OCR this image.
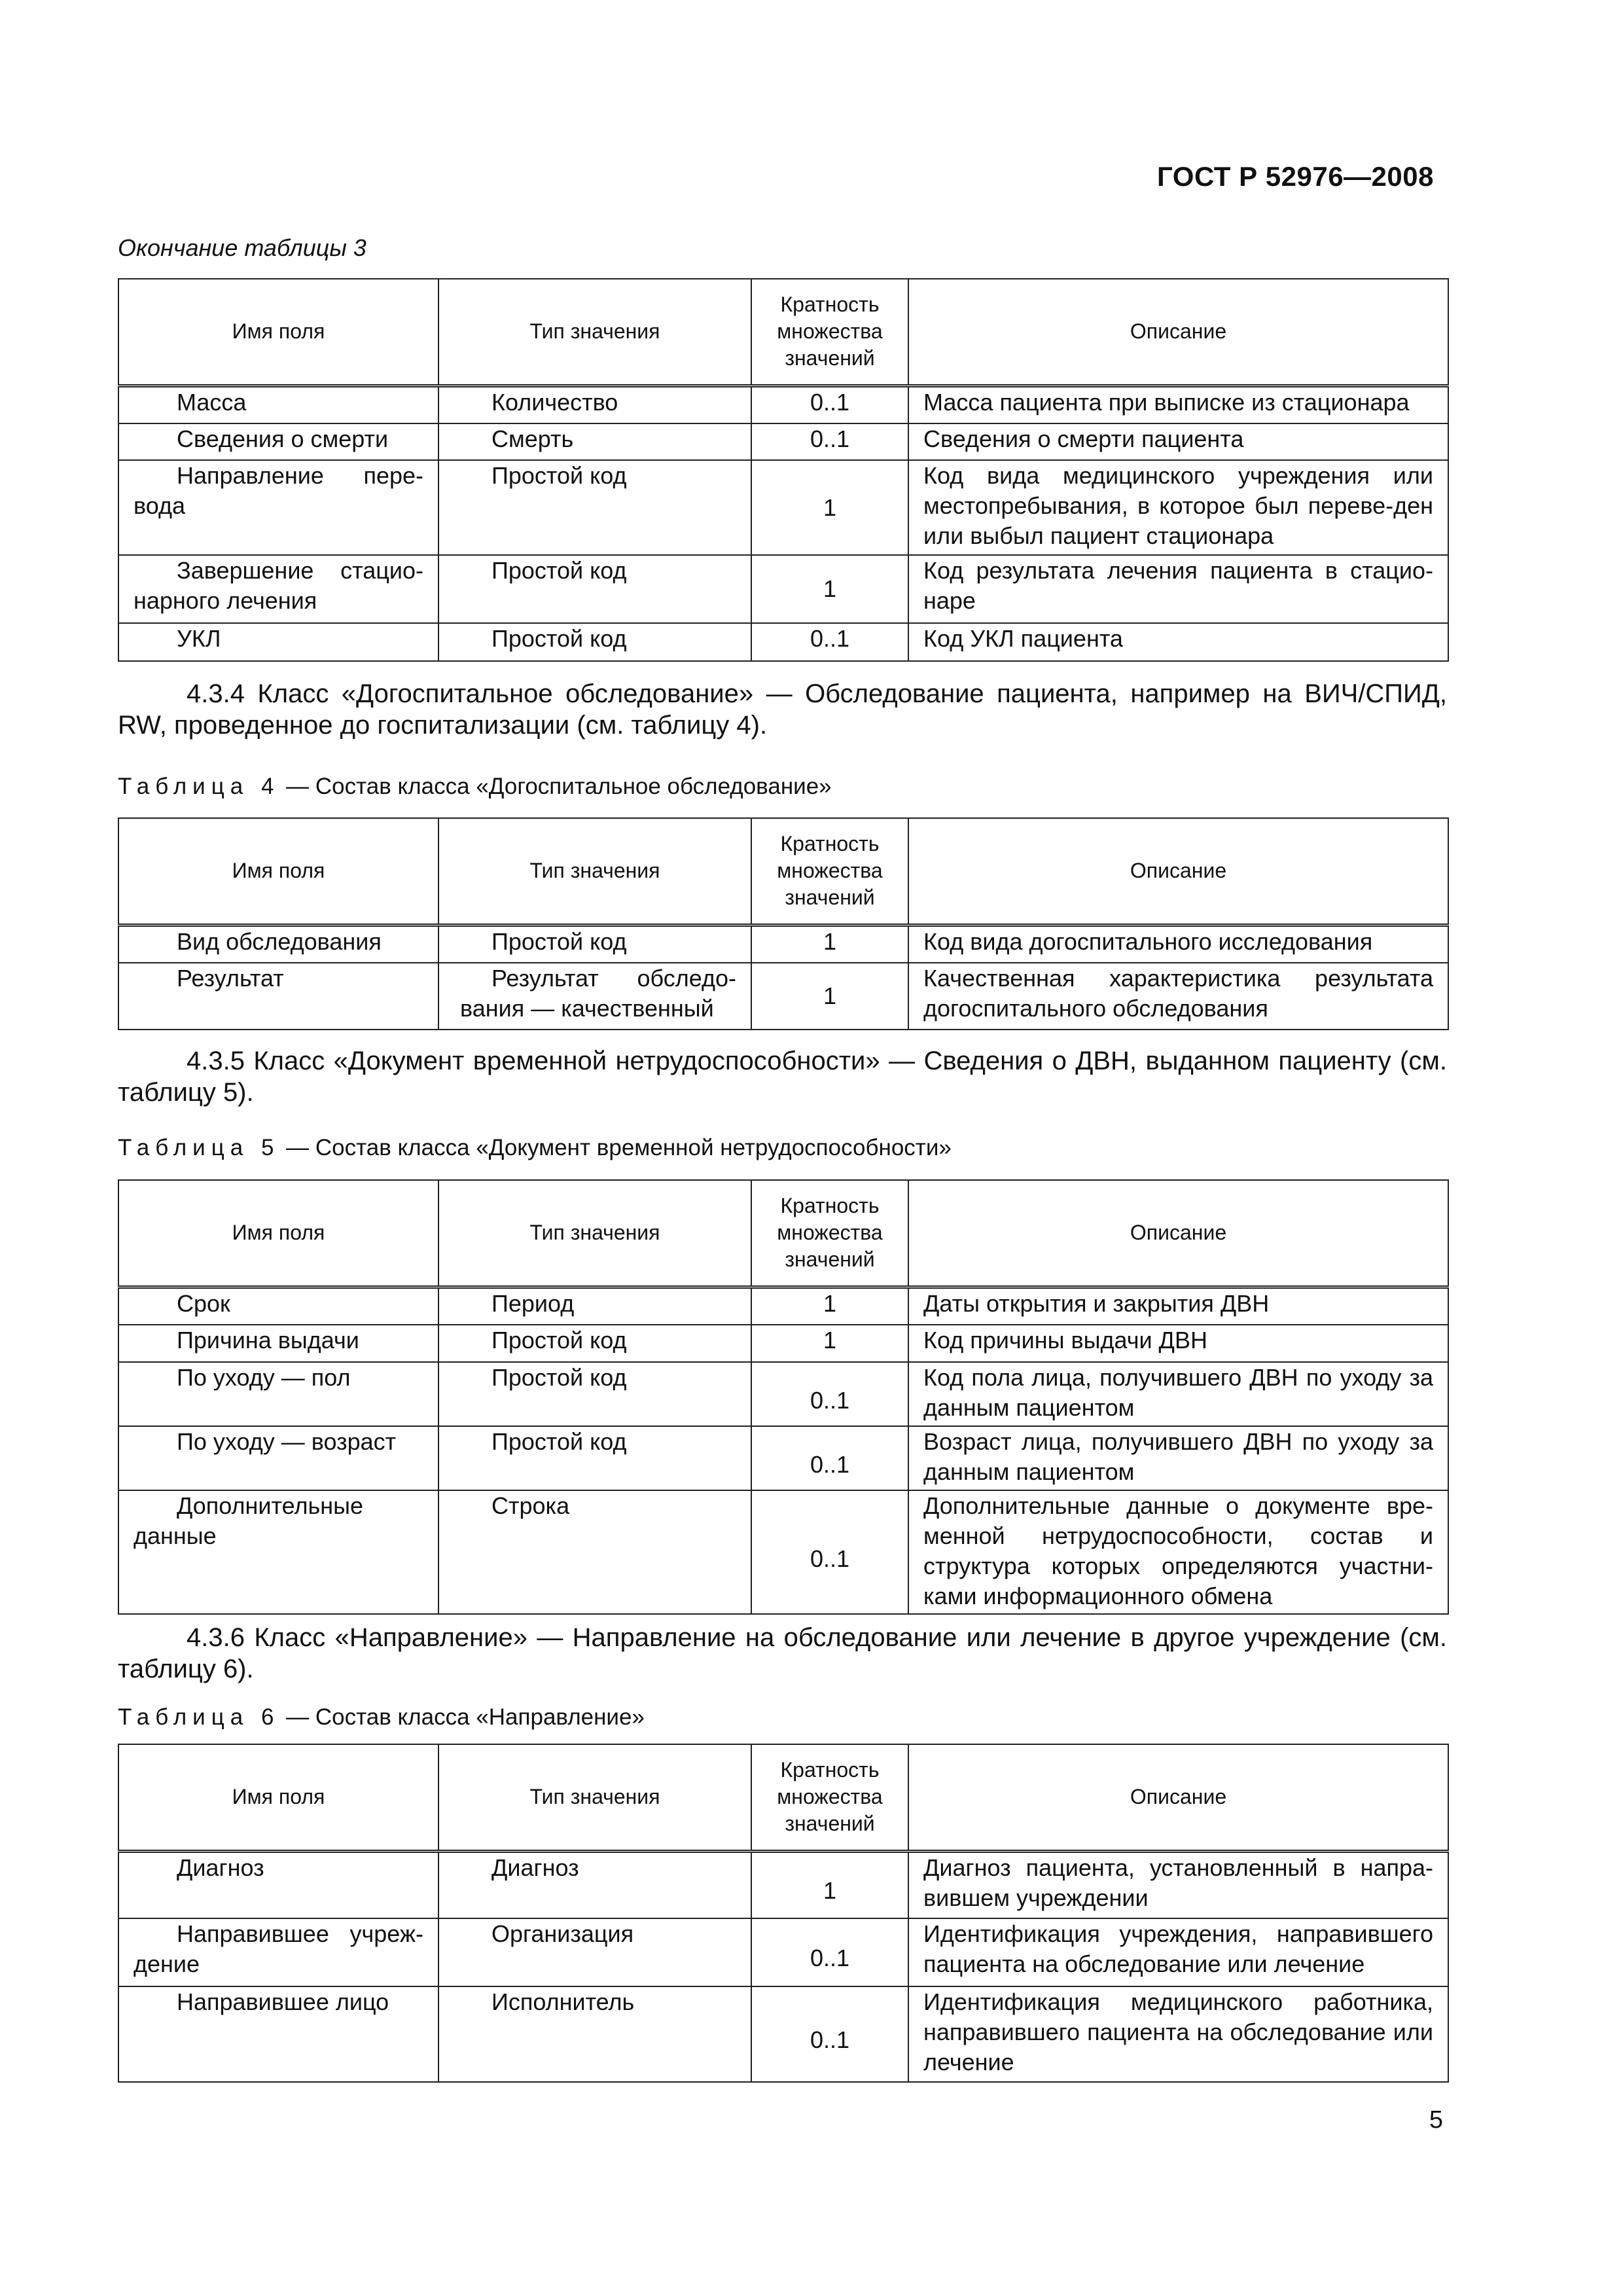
ГОСТ Р 52976—2008
Окончание таблицы 3
Имя поля	Тип значения	Кратность множества значений	Описание
Масса	Количество	0..1	Масса пациента при выписке из стационара
Сведения о смерти	Смерть	0..1	Сведения о смерти пациента
Направление пере-вода	Простой код	1	Код вида медицинского учреждения или местопребывания, в которое был переве-ден или выбыл пациент стационара
Завершение стацио-нарного лечения	Простой код	1	Код результата лечения пациента в стацио-наре
УКЛ	Простой код	0..1	Код УКЛ пациента
4.3.4 Класс «Догоспитальное обследование» — Обследование пациента, например на ВИЧ/СПИД, RW, проведенное до госпитализации (см. таблицу 4).
Таблица 4 — Состав класса «Догоспитальное обследование»
Имя поля	Тип значения	Кратность множества значений	Описание
Вид обследования	Простой код	1	Код вида догоспитального исследования
Результат	Результат обследо-вания — качественный	1	Качественная характеристика результата догоспитального обследования
4.3.5 Класс «Документ временной нетрудоспособности» — Сведения о ДВН, выданном пациенту (см. таблицу 5).
Таблица 5 — Состав класса «Документ временной нетрудоспособности»
Имя поля	Тип значения	Кратность множества значений	Описание
Срок	Период	1	Даты открытия и закрытия ДВН
Причина выдачи	Простой код	1	Код причины выдачи ДВН
По уходу — пол	Простой код	0..1	Код пола лица, получившего ДВН по уходу за данным пациентом
По уходу — возраст	Простой код	0..1	Возраст лица, получившего ДВН по уходу за данным пациентом
Дополнительные данные	Строка	0..1	Дополнительные данные о документе вре-менной нетрудоспособности, состав и структура которых определяются участни-ками информационного обмена
4.3.6 Класс «Направление» — Направление на обследование или лечение в другое учреждение (см. таблицу 6).
Таблица 6 — Состав класса «Направление»
Имя поля	Тип значения	Кратность множества значений	Описание
Диагноз	Диагноз	1	Диагноз пациента, установленный в напра-вившем учреждении
Направившее учреж-дение	Организация	0..1	Идентификация учреждения, направившего пациента на обследование или лечение
Направившее лицо	Исполнитель	0..1	Идентификация медицинского работника, направившего пациента на обследование или лечение
5
